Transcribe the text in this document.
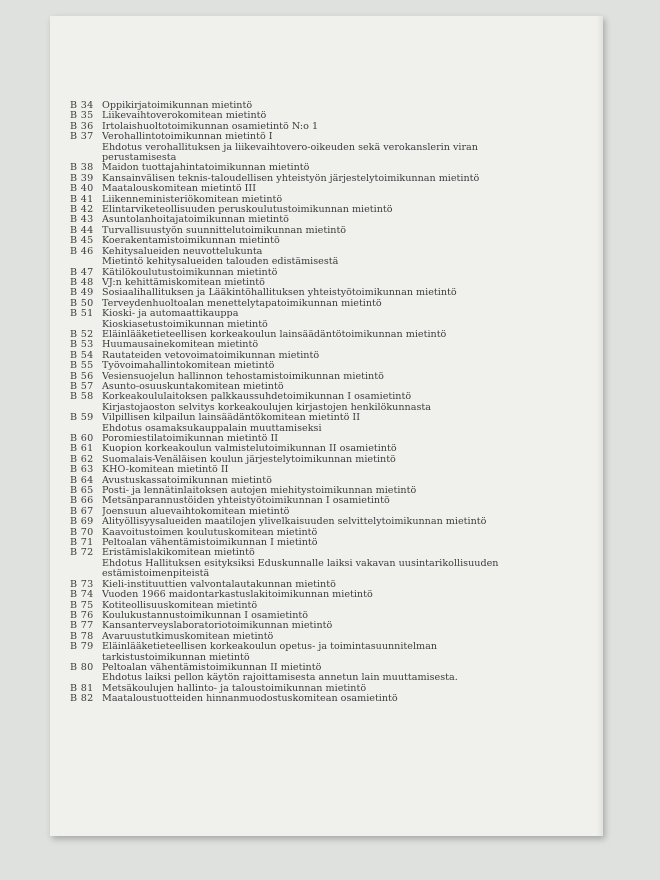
B 34 Oppikirjatoimikunnan mietintö
B 35 Liikevaihtoverokomitean mietintö
B 36 Irtolaishuoltotoimikunnan osamietintö N:o 1
B 37 Verohallintotoimikunnan mietintö I
Ehdotus verohallituksen ja liikevaihtovero-oikeuden sekä verokanslerin viran perustamisesta
B 38 Maidon tuottajahintatoimikunnan mietintö
B 39 Kansainvälisen teknis-taloudellisen yhteistyön järjestelytoimikunnan mietintö
B 40 Maatalouskomitean mietintö III
B 41 Liikenneministeriökomitean mietintö
B 42 Elintarviketeollisuuden peruskoulutustoimikunnan mietintö
B 43 Asuntolanhoitajatoimikunnan mietintö
B 44 Turvallisuustyön suunnittelutoimikunnan mietintö
B 45 Koerakentamistoimikunnan mietintö
B 46 Kehitysalueiden neuvottelukunta
Mietintö kehitysalueiden talouden edistämisestä
B 47 Kätilökoulutustoimikunnan mietintö
B 48 VJ:n kehittämiskomitean mietintö
B 49 Sosiaalihallituksen ja Lääkintöhallituksen yhteistyötoimikunnan mietintö
B 50 Terveydenhuoltoalan menettelytapatoimikunnan mietintö
B 51 Kioski- ja automaattikauppa
Kioskiasetustoimikunnan mietintö
B 52 Eläinlääketieteellisen korkeakoulun lainsäädäntötoimikunnan mietintö
B 53 Huumausainekomitean mietintö
B 54 Rautateiden vetovoimatoimikunnan mietintö
B 55 Työvoimahallintokomitean mietintö
B 56 Vesiensuojelun hallinnon tehostamistoimikunnan mietintö
B 57 Asunto-osuuskuntakomitean mietintö
B 58 Korkeakoululaitoksen palkkaussuhdetoimikunnan I osamietintö
Kirjastojaoston selvitys korkeakoulujen kirjastojen henkilökunnasta
B 59 Vilpillisen kilpailun lainsäädäntökomitean mietintö II
Ehdotus osamaksukauppalain muuttamiseksi
B 60 Poromiestilatoimikunnan mietintö II
B 61 Kuopion korkeakoulun valmistelutoimikunnan II osamietintö
B 62 Suomalais-Venäläisen koulun järjestelytoimikunnan mietintö
B 63 KHO-komitean mietintö II
B 64 Avustuskassatoimikunnan mietintö
B 65 Posti- ja lennätinlaitoksen autojen miehitystoimikunnan mietintö
B 66 Metsänparannustöiden yhteistyötoimikunnan I osamietintö
B 67 Joensuun aluevaihtokomitean mietintö
B 69 Alityöllisyysalueiden maatilojen ylivelkaisuuden selvittelytoimikunnan mietintö
B 70 Kaavoitustoimen koulutuskomitean mietintö
B 71 Peltoalan vähentämistoimikunnan I mietintö
B 72 Eristämislakikomitean mietintö
Ehdotus Hallituksen esityksiksi Eduskunnalle laiksi vakavan uusintarikollisuuden estämistoimenpiteistä
B 73 Kieli-instituuttien valvontalautakunnan mietintö
B 74 Vuoden 1966 maidontarkastuslakitoimikunnan mietintö
B 75 Kotiteollisuuskomitean mietintö
B 76 Koulukustannustoimikunnan I osamietintö
B 77 Kansanterveyslaboratoriotoimikunnan mietintö
B 78 Avaruustutkimuskomitean mietintö
B 79 Eläinlääketieteellisen korkeakoulun opetus- ja toimintasuunnitelman tarkistustoimikunnan mietintö
B 80 Peltoalan vähentämistoimikunnan II mietintö
Ehdotus laiksi pellon käytön rajoittamisesta annetun lain muuttamisesta.
B 81 Metsäkoulujen hallinto- ja taloustoimikunnan mietintö
B 82 Maataloustuotteiden hinnanmuodostuskomitean osamietintö
